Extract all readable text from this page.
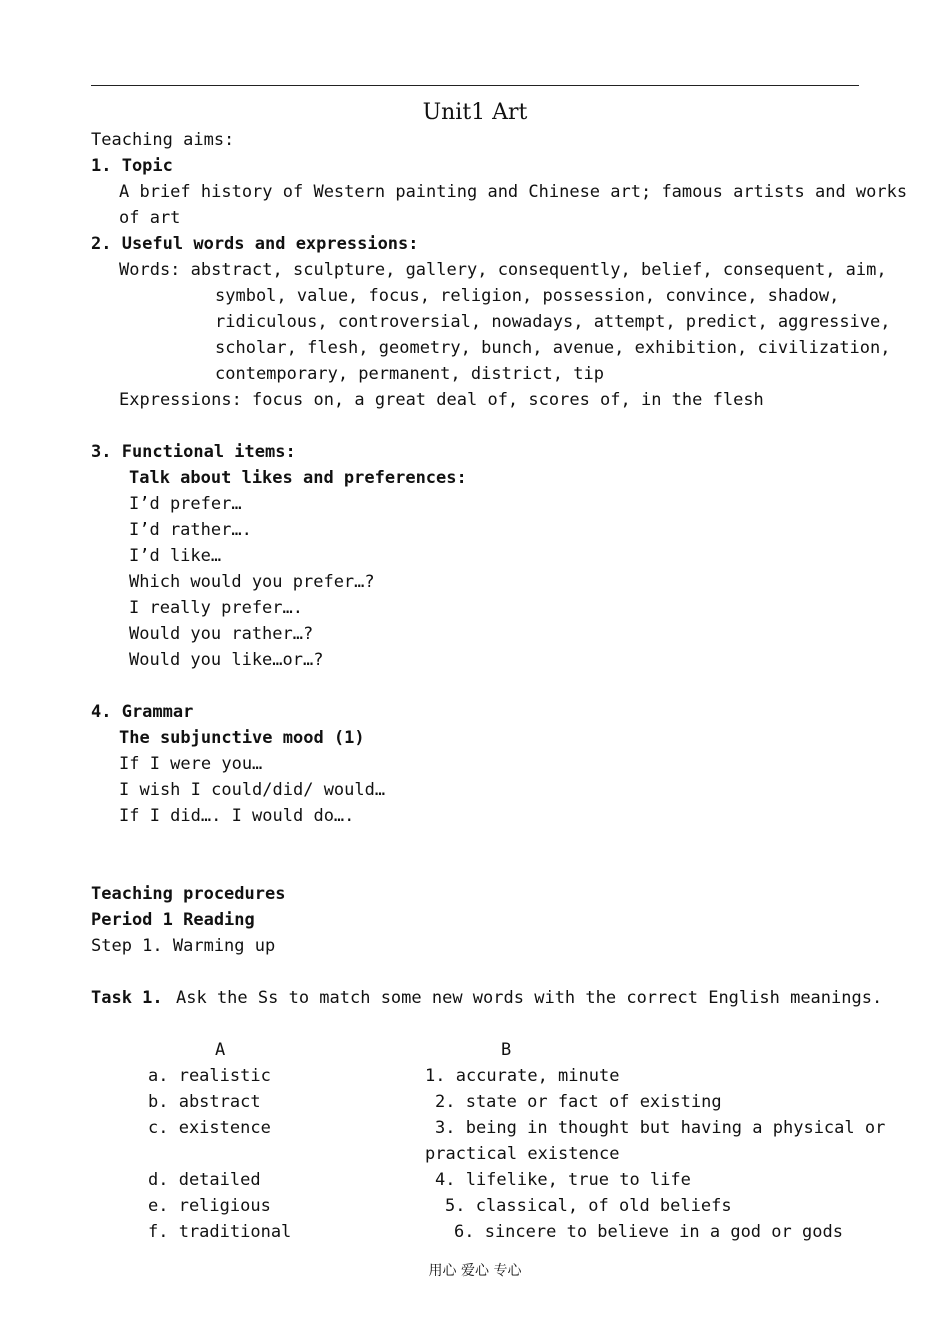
Unit1 Art
Teaching aims:
1. Topic
A brief history of Western painting and Chinese art; famous artists and works
of art
2. Useful words and expressions:
Words: abstract, sculpture, gallery, consequently, belief, consequent, aim,
symbol, value, focus, religion, possession, convince, shadow,
ridiculous, controversial, nowadays, attempt, predict, aggressive,
scholar, flesh, geometry, bunch, avenue, exhibition, civilization,
contemporary, permanent, district, tip
Expressions: focus on, a great deal of, scores of, in the flesh
3. Functional items:
Talk about likes and preferences:
I’d prefer…
I’d rather….
I’d like…
Which would you prefer…?
I really prefer….
Would you rather…?
Would you like…or…?
4. Grammar
The subjunctive mood (1)
If I were you…
I wish I could/did/ would…
If I did…. I would do….
Teaching procedures
Period 1 Reading
Step 1. Warming up
Task 1. Ask the Ss to match some new words with the correct English meanings.
A	B
a. realistic
b. abstract
c. existence
d. detailed
e. religious
f. traditional
1. accurate, minute
2. state or fact of existing
3. being in thought but having a physical or
practical existence
4. lifelike, true to life
5. classical, of old beliefs
6. sincere to believe in a god or gods
用心 爱心 专心
